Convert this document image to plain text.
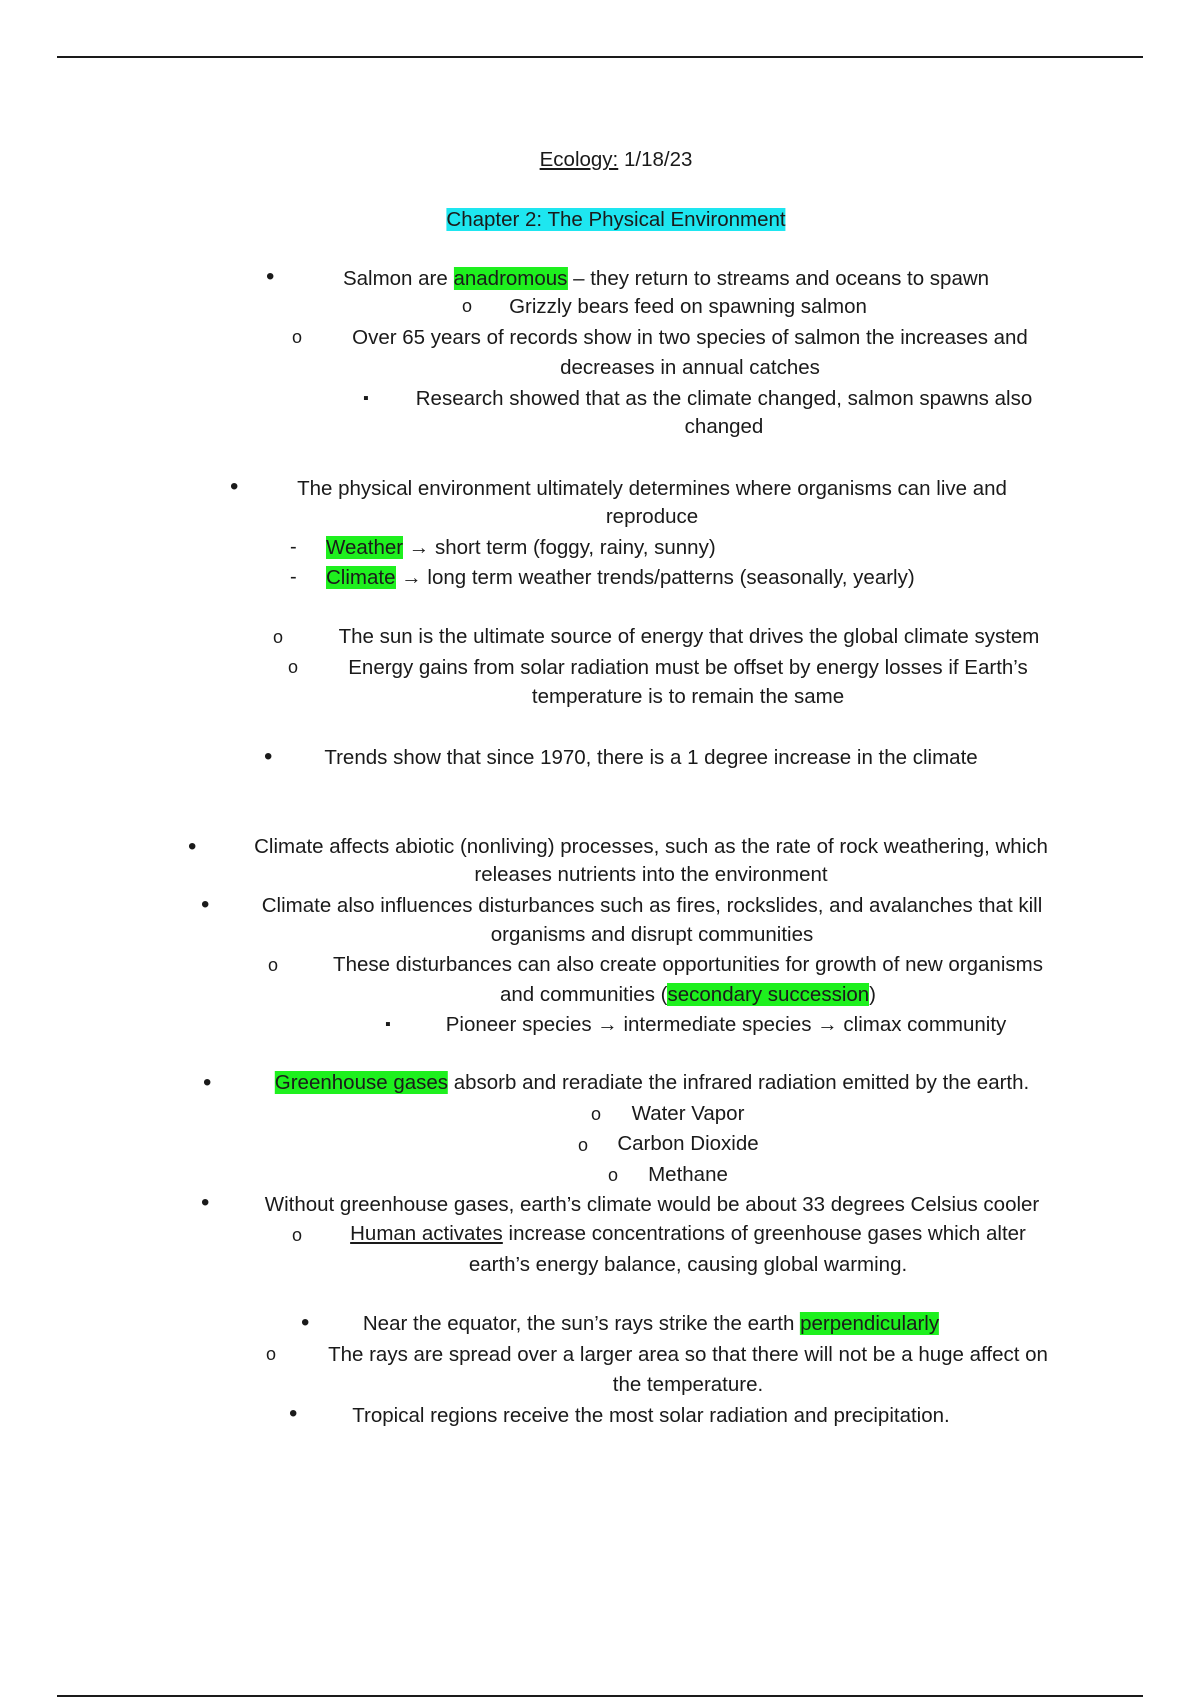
Ecology: 1/18/23
Chapter 2: The Physical Environment
•
Salmon are anadromous – they return to streams and oceans to spawn
o
Grizzly bears feed on spawning salmon
o
Over 65 years of records show in two species of salmon the increases and
decreases in annual catches
▪
Research showed that as the climate changed, salmon spawns also
changed
•
The physical environment ultimately determines where organisms can live and
reproduce
-
Weather → short term (foggy, rainy, sunny)
-
Climate → long term weather trends/patterns (seasonally, yearly)
o
The sun is the ultimate source of energy that drives the global climate system
o
Energy gains from solar radiation must be offset by energy losses if Earth’s
temperature is to remain the same
•
Trends show that since 1970, there is a 1 degree increase in the climate
•
Climate affects abiotic (nonliving) processes, such as the rate of rock weathering, which
releases nutrients into the environment
•
Climate also influences disturbances such as fires, rockslides, and avalanches that kill
organisms and disrupt communities
o
These disturbances can also create opportunities for growth of new organisms
and communities (secondary succession)
▪
Pioneer species → intermediate species → climax community
•
Greenhouse gases absorb and reradiate the infrared radiation emitted by the earth.
o
Water Vapor
o
Carbon Dioxide
o
Methane
•
Without greenhouse gases, earth’s climate would be about 33 degrees Celsius cooler
o
Human activates increase concentrations of greenhouse gases which alter
earth’s energy balance, causing global warming.
•
Near the equator, the sun’s rays strike the earth perpendicularly
o
The rays are spread over a larger area so that there will not be a huge affect on
the temperature.
•
Tropical regions receive the most solar radiation and precipitation.
